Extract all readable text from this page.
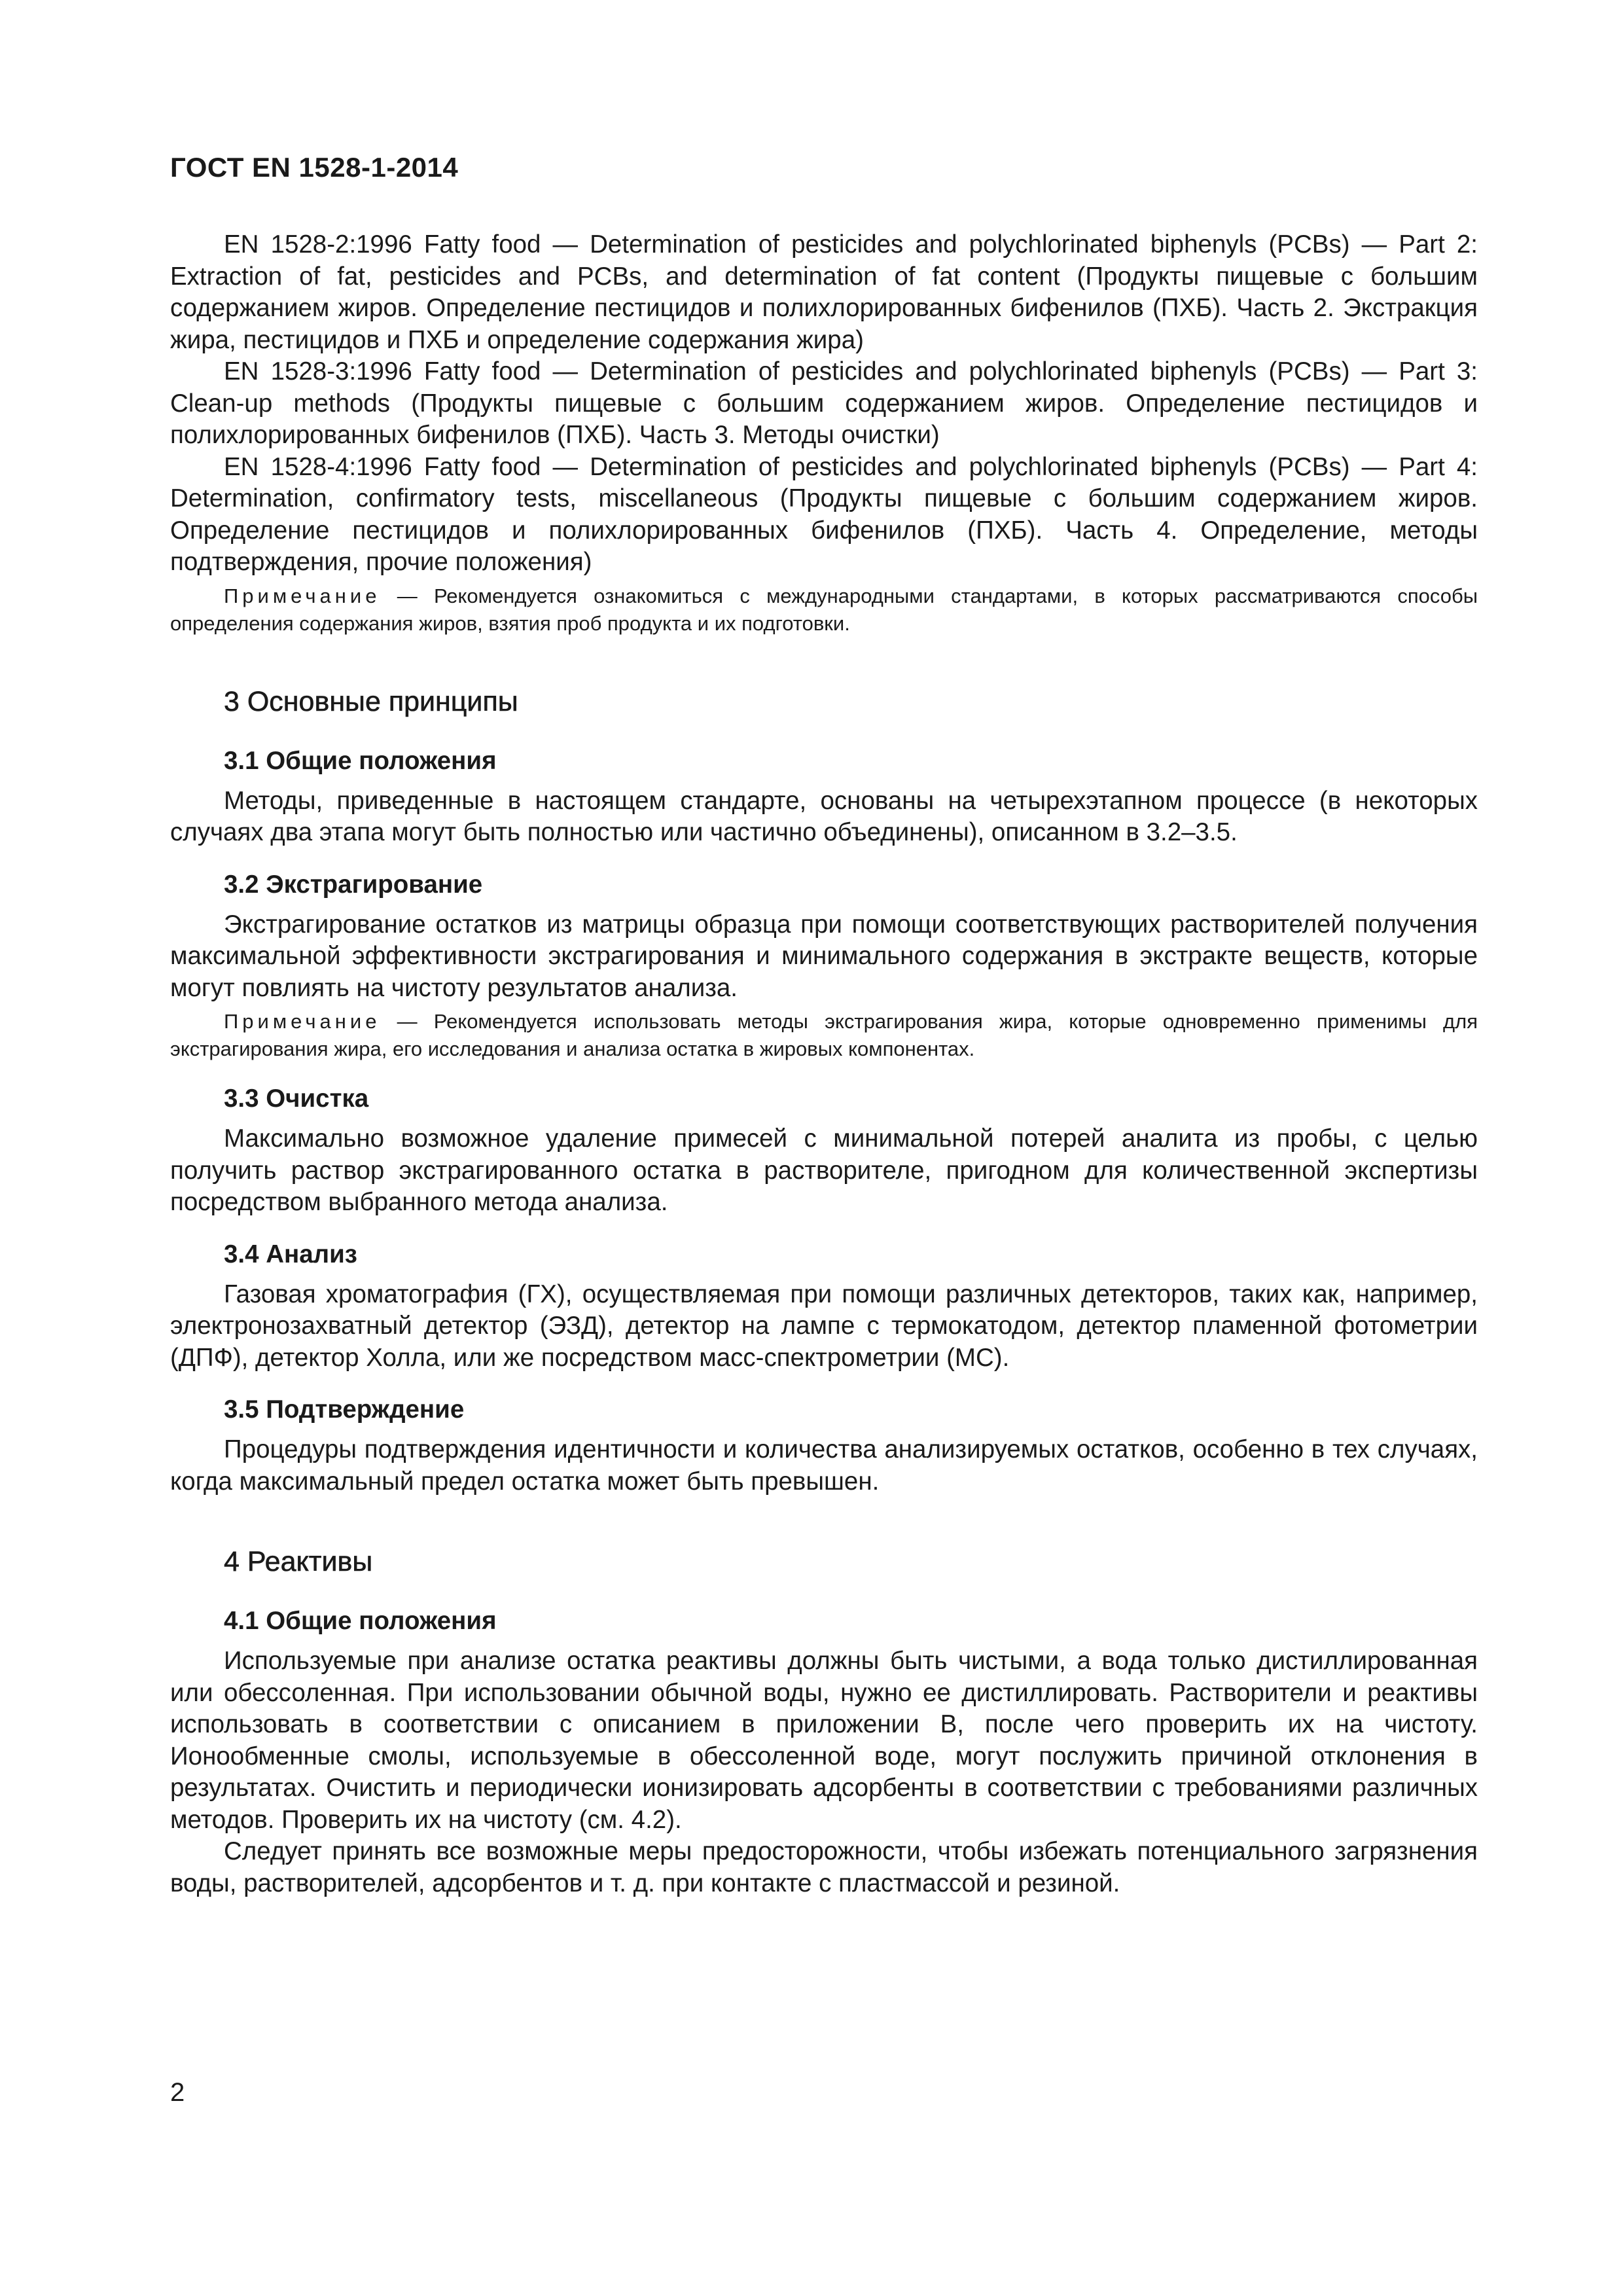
ГОСТ EN 1528-1-2014

EN 1528-2:1996 Fatty food — Determination of pesticides and polychlorinated biphenyls (PCBs) — Part 2: Extraction of fat, pesticides and PCBs, and determination of fat content (Продукты пищевые с большим содержанием жиров. Определение пестицидов и полихлорированных бифенилов (ПХБ). Часть 2. Экстракция жира, пестицидов и ПХБ и определение содержания жира)

EN 1528-3:1996 Fatty food — Determination of pesticides and polychlorinated biphenyls (PCBs) — Part 3: Clean-up methods (Продукты пищевые с большим содержанием жиров. Определение пестицидов и полихлорированных бифенилов (ПХБ). Часть 3. Методы очистки)

EN 1528-4:1996 Fatty food — Determination of pesticides and polychlorinated biphenyls (PCBs) — Part 4: Determination, confirmatory tests, miscellaneous (Продукты пищевые с большим содержанием жиров. Определение пестицидов и полихлорированных бифенилов (ПХБ). Часть 4. Определение, методы подтверждения, прочие положения)

Примечание — Рекомендуется ознакомиться с международными стандартами, в которых рассматриваются способы определения содержания жиров, взятия проб продукта и их подготовки.

3 Основные принципы
3.1 Общие положения

Методы, приведенные в настоящем стандарте, основаны на четырехэтапном процессе (в некоторых случаях два этапа могут быть полностью или частично объединены), описанном в 3.2–3.5.

3.2 Экстрагирование

Экстрагирование остатков из матрицы образца при помощи соответствующих растворителей получения максимальной эффективности экстрагирования и минимального содержания в экстракте веществ, которые могут повлиять на чистоту результатов анализа.

Примечание — Рекомендуется использовать методы экстрагирования жира, которые одновременно применимы для экстрагирования жира, его исследования и анализа остатка в жировых компонентах.

3.3 Очистка

Максимально возможное удаление примесей с минимальной потерей аналита из пробы, с целью получить раствор экстрагированного остатка в растворителе, пригодном для количественной экспертизы посредством выбранного метода анализа.

3.4 Анализ

Газовая хроматография (ГХ), осуществляемая при помощи различных детекторов, таких как, например, электронозахватный детектор (ЭЗД), детектор на лампе с термокатодом, детектор пламенной фотометрии (ДПФ), детектор Холла, или же посредством масс-спектрометрии (МС).

3.5 Подтверждение

Процедуры подтверждения идентичности и количества анализируемых остатков, особенно в тех случаях, когда максимальный предел остатка может быть превышен.

4 Реактивы
4.1 Общие положения

Используемые при анализе остатка реактивы должны быть чистыми, а вода только дистиллированная или обессоленная. При использовании обычной воды, нужно ее дистиллировать. Растворители и реактивы использовать в соответствии с описанием в приложении В, после чего проверить их на чистоту. Ионообменные смолы, используемые в обессоленной воде, могут послужить причиной отклонения в результатах. Очистить и периодически ионизировать адсорбенты в соответствии с требованиями различных методов. Проверить их на чистоту (см. 4.2).

Следует принять все возможные меры предосторожности, чтобы избежать потенциального загрязнения воды, растворителей, адсорбентов и т. д. при контакте с пластмассой и резиной.

2
